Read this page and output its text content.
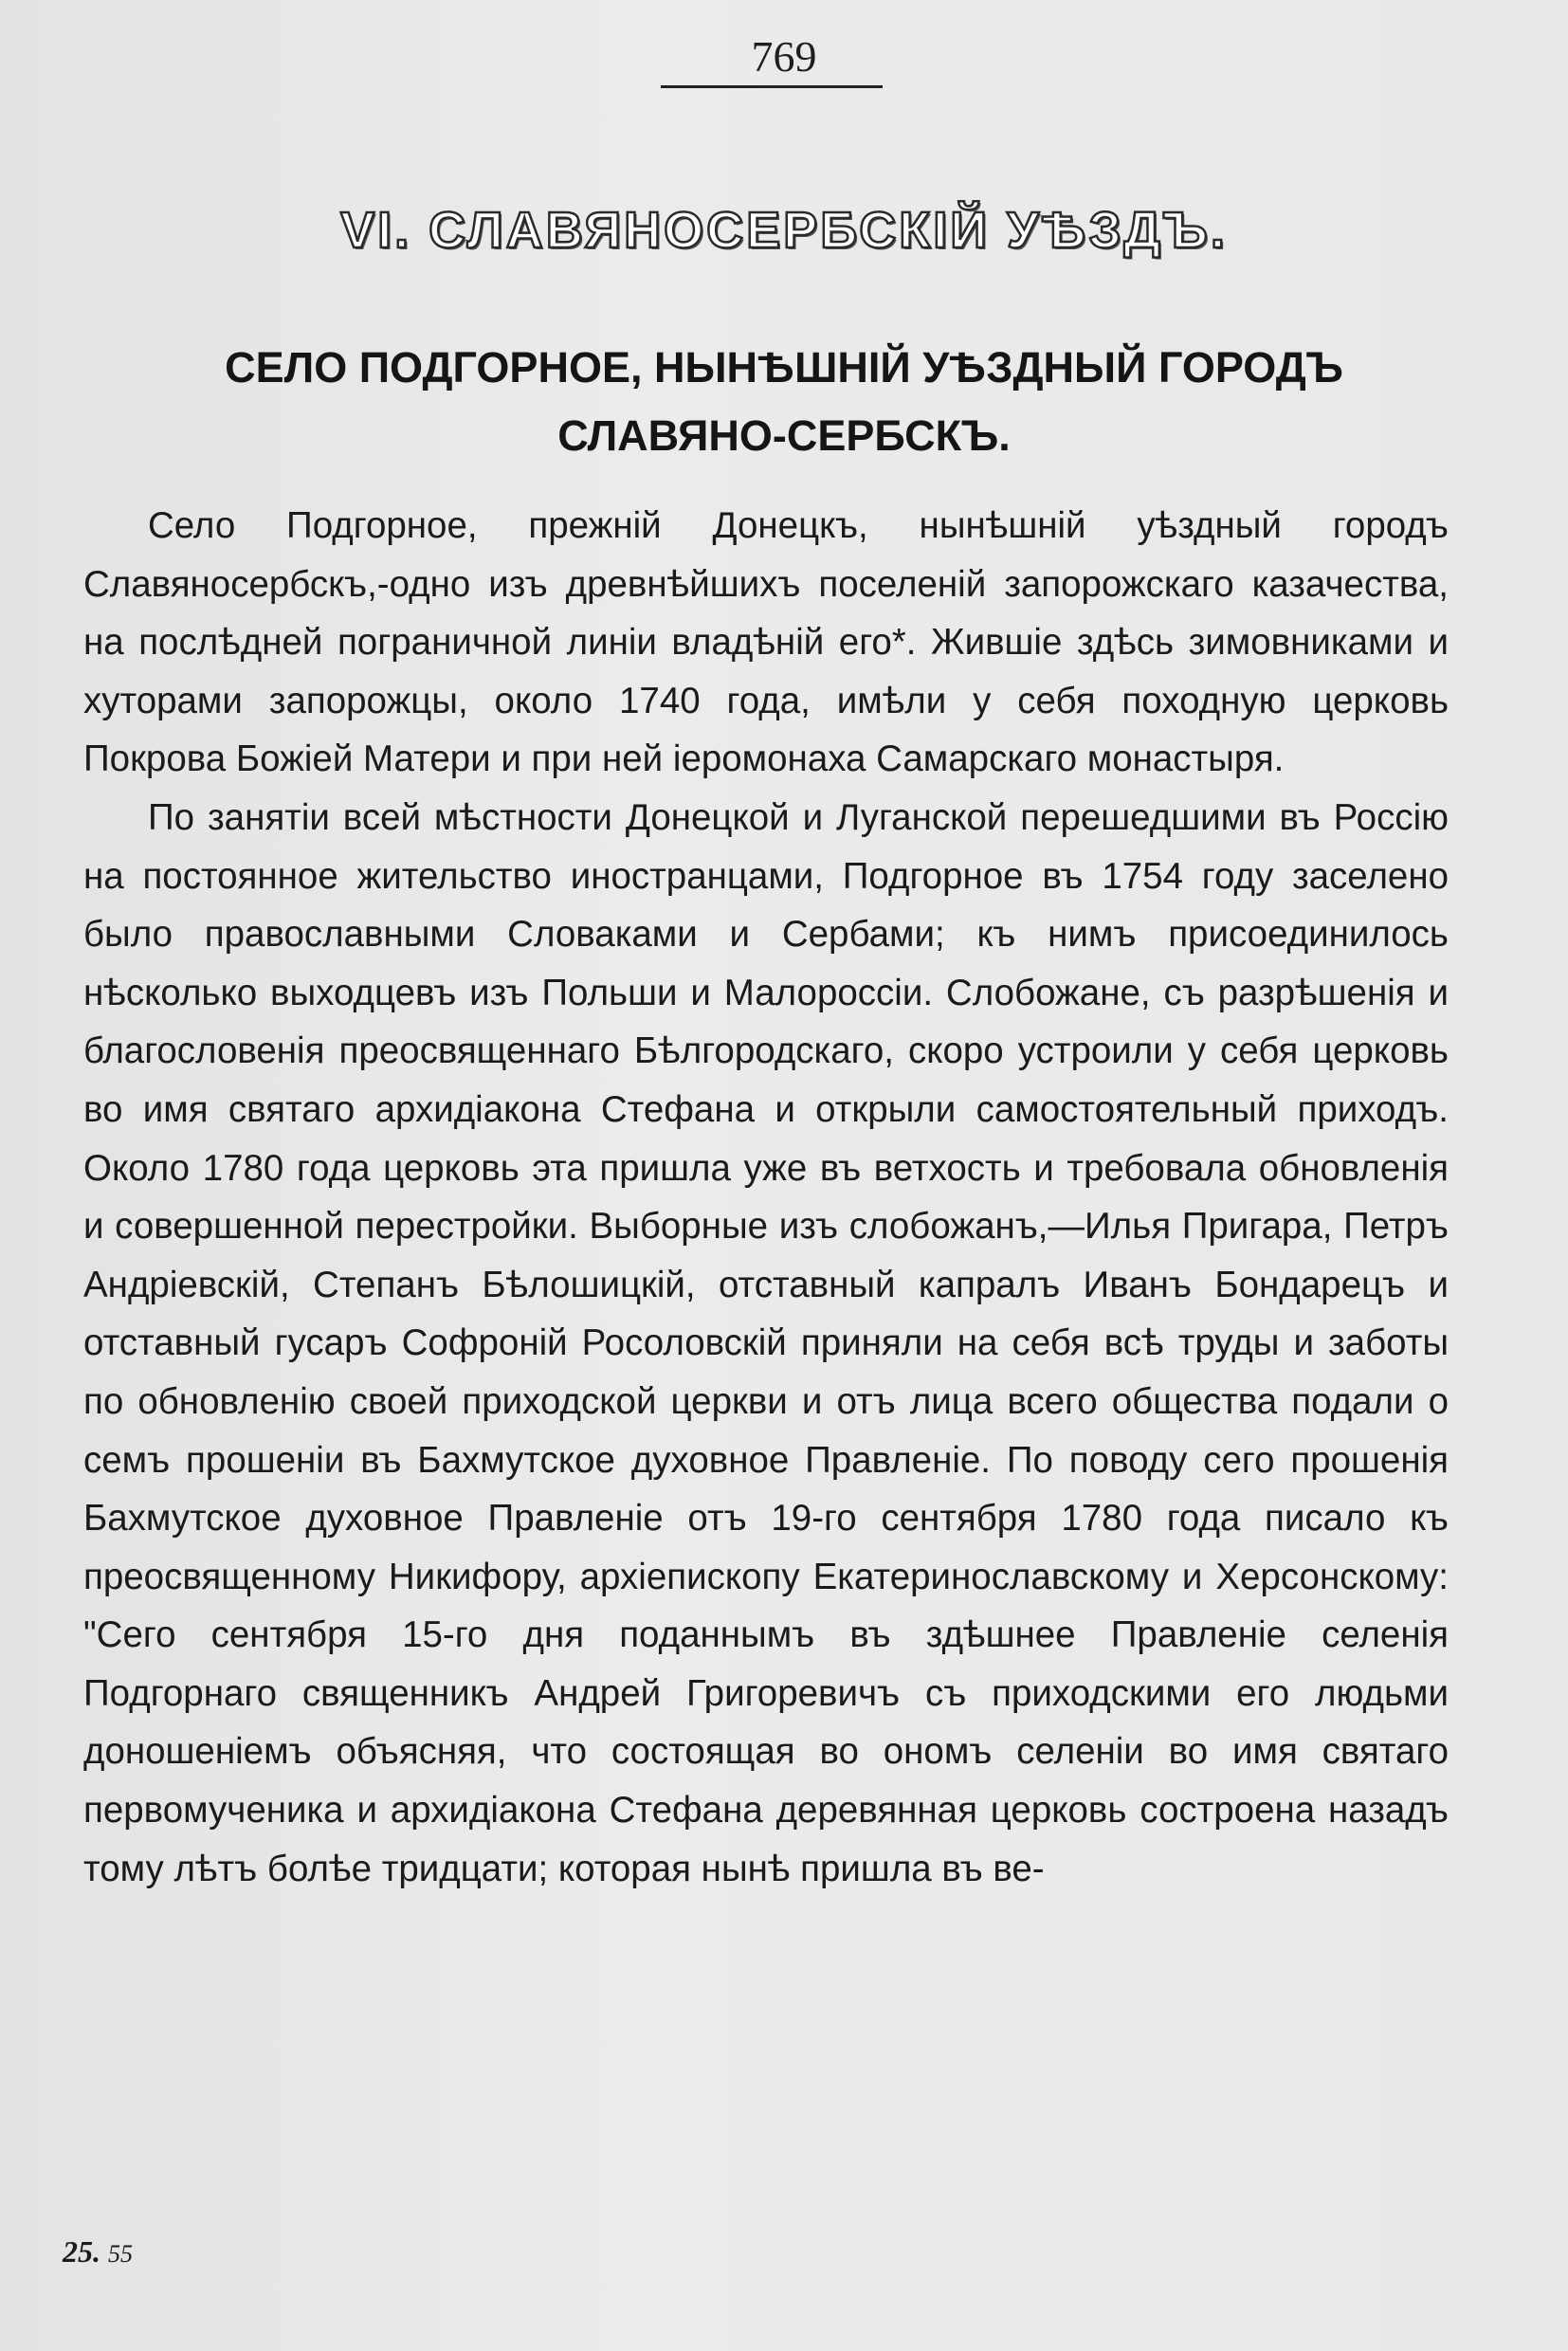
769
VI. СЛАВЯНОСЕРБСКІЙ УѢЗДЪ.
СЕЛО ПОДГОРНОЕ, НЫНѢШНІЙ УѢЗДНЫЙ ГОРОДЪ СЛАВЯНО-СЕРБСКЪ.

Село Подгорное, прежній Донецкъ, нынѣшній уѣздный городъ Славяносербскъ,-одно изъ древнѣйшихъ поселеній запорожскаго казачества, на послѣдней пограничной линіи владѣній его*. Жившіе здѣсь зимовниками и хуторами запорожцы, около 1740 года, имѣли у себя походную церковь Покрова Божіей Матери и при ней іеромонаха Самарскаго монастыря.

По занятіи всей мѣстности Донецкой и Луганской перешедшими въ Россію на постоянное жительство иностранцами, Подгорное въ 1754 году заселено было православными Словаками и Сербами; къ нимъ присоединилось нѣсколько выходцевъ изъ Польши и Малороссіи. Слобожане, съ разрѣшенія и благословенія преосвященнаго Бѣлгородскаго, скоро устроили у себя церковь во имя святаго архидіакона Стефана и открыли самостоятельный приходъ. Около 1780 года церковь эта пришла уже въ ветхость и требовала обновленія и совершенной перестройки. Выборные изъ слобожанъ,—Илья Пригара, Петръ Андріевскій, Степанъ Бѣлошицкій, отставный капралъ Иванъ Бондарецъ и отставный гусаръ Софроній Росоловскій приняли на себя всѣ труды и заботы по обновленію своей приходской церкви и отъ лица всего общества подали о семъ прошеніи въ Бахмутское духовное Правленіе. По поводу сего прошенія Бахмутское духовное Правленіе отъ 19-го сентября 1780 года писало къ преосвященному Никифору, архіепископу Екатеринославскому и Херсонскому: "Сего сентября 15-го дня поданнымъ въ здѣшнее Правленіе селенія Подгорнаго священникъ Андрей Григоревичъ съ приходскими его людьми доношеніемъ объясняя, что состоящая во ономъ селеніи во имя святаго первомученика и архидіакона Стефана деревянная церковь состроена назадъ тому лѣтъ болѣе тридцати; которая нынѣ пришла въ ве-

25. 55
